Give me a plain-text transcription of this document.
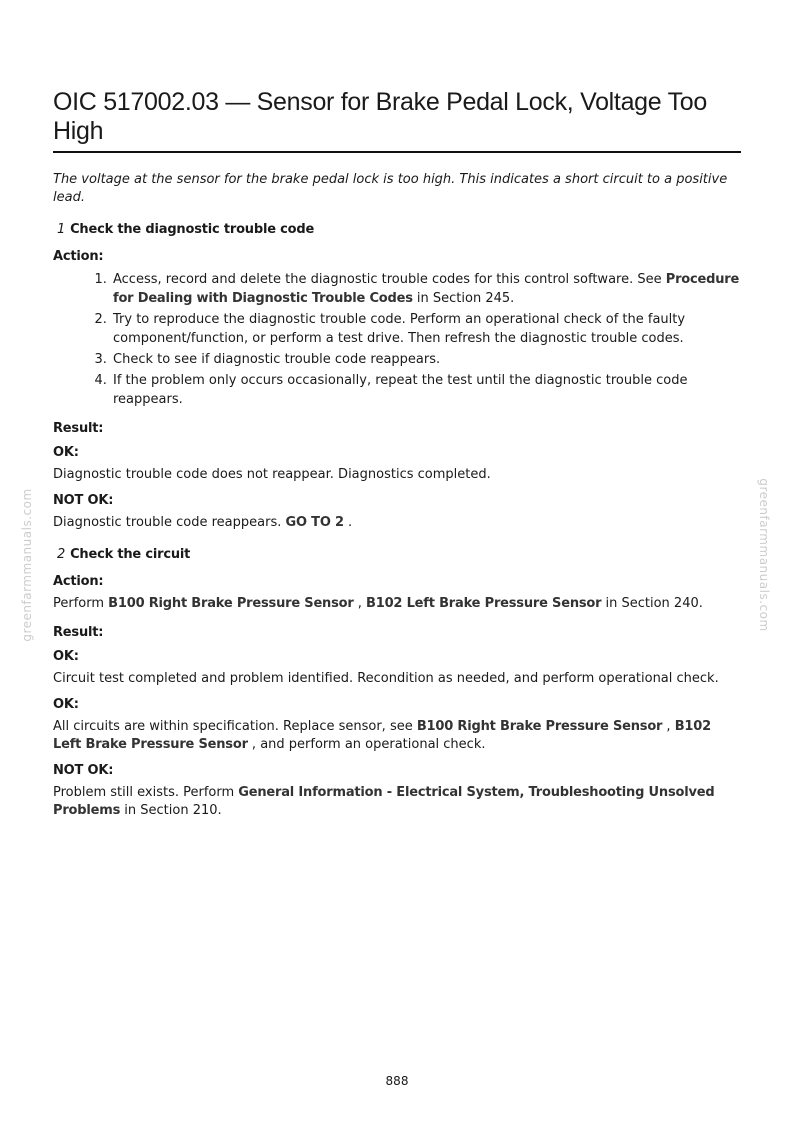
greenfarmmanuals.com	greenfarmmanuals.com
OIC 517002.03 — Sensor for Brake Pedal Lock, Voltage Too High

The voltage at the sensor for the brake pedal lock is too high. This indicates a short circuit to a positive lead.

1 Check the diagnostic trouble code
Action:
1. Access, record and delete the diagnostic trouble codes for this control software. See Procedure for Dealing with Diagnostic Trouble Codes in Section 245.
2. Try to reproduce the diagnostic trouble code. Perform an operational check of the faulty component/function, or perform a test drive. Then refresh the diagnostic trouble codes.
3. Check to see if diagnostic trouble code reappears.
4. If the problem only occurs occasionally, repeat the test until the diagnostic trouble code reappears.
Result:
OK:

Diagnostic trouble code does not reappear. Diagnostics completed.

NOT OK:

Diagnostic trouble code reappears. GO TO 2 .

2 Check the circuit
Action:

Perform B100 Right Brake Pressure Sensor , B102 Left Brake Pressure Sensor in Section 240.

Result:
OK:

Circuit test completed and problem identified. Recondition as needed, and perform operational check.

OK:

All circuits are within specification. Replace sensor, see B100 Right Brake Pressure Sensor , B102 Left Brake Pressure Sensor , and perform an operational check.

NOT OK:

Problem still exists. Perform General Information - Electrical System, Troubleshooting Unsolved Problems in Section 210.

888
